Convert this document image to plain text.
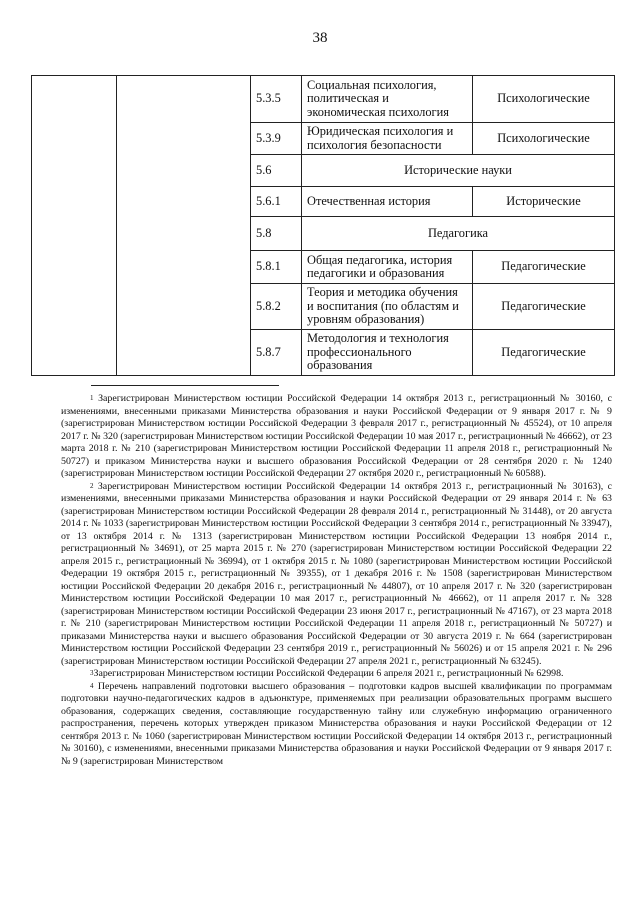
38
		5.3.5	Социальная психология, политическая и экономическая психология	Психологические
		5.3.9	Юридическая психология и психология безопасности	Психологические
		5.6	Исторические науки	
		5.6.1	Отечественная история	Исторические
		5.8	Педагогика	
		5.8.1	Общая педагогика, история педагогики и образования	Педагогические
		5.8.2	Теория и методика обучения и воспитания (по областям и уровням образования)	Педагогические
		5.8.7	Методология и технология профессионального образования	Педагогические

$^1$ Зарегистрирован Министерством юстиции Российской Федерации 14 октября 2013 г., регистрационный № 30160, с изменениями, внесенными приказами Министерства образования и науки Российской Федерации от 9 января 2017 г. № 9 (зарегистрирован Министерством юстиции Российской Федерации 3 февраля 2017 г., регистрационный № 45524), от 10 апреля 2017 г. № 320 (зарегистрирован Министерством юстиции Российской Федерации 10 мая 2017 г., регистрационный № 46662), от 23 марта 2018 г. № 210 (зарегистрирован Министерством юстиции Российской Федерации 11 апреля 2018 г., регистрационный № 50727) и приказом Министерства науки и высшего образования Российской Федерации от 28 сентября 2020 г. № 1240 (зарегистрирован Министерством юстиции Российской Федерации 27 октября 2020 г., регистрационный № 60588).

$^2$ Зарегистрирован Министерством юстиции Российской Федерации 14 октября 2013 г., регистрационный № 30163), с изменениями, внесенными приказами Министерства образования и науки Российской Федерации от 29 января 2014 г. № 63 (зарегистрирован Министерством юстиции Российской Федерации 28 февраля 2014 г., регистрационный № 31448), от 20 августа 2014 г. № 1033 (зарегистрирован Министерством юстиции Российской Федерации 3 сентября 2014 г., регистрационный № 33947), от 13 октября 2014 г. № 1313 (зарегистрирован Министерством юстиции Российской Федерации 13 ноября 2014 г., регистрационный № 34691), от 25 марта 2015 г. № 270 (зарегистрирован Министерством юстиции Российской Федерации 22 апреля 2015 г., регистрационный № 36994), от 1 октября 2015 г. № 1080 (зарегистрирован Министерством юстиции Российской Федерации 19 октября 2015 г., регистрационный № 39355), от 1 декабря 2016 г. № 1508 (зарегистрирован Министерством юстиции Российской Федерации 20 декабря 2016 г., регистрационный № 44807), от 10 апреля 2017 г. № 320 (зарегистрирован Министерством юстиции Российской Федерации 10 мая 2017 г., регистрационный № 46662), от 11 апреля 2017 г. № 328 (зарегистрирован Министерством юстиции Российской Федерации 23 июня 2017 г., регистрационный № 47167), от 23 марта 2018 г. № 210 (зарегистрирован Министерством юстиции Российской Федерации 11 апреля 2018 г., регистрационный № 50727) и приказами Министерства науки и высшего образования Российской Федерации от 30 августа 2019 г. № 664 (зарегистрирован Министерством юстиции Российской Федерации 23 сентября 2019 г., регистрационный № 56026) и от 15 апреля 2021 г. № 296 (зарегистрирован Министерством юстиции Российской Федерации 27 апреля 2021 г., регистрационный № 63245).

$^3$Зарегистрирован Министерством юстиции Российской Федерации 6 апреля 2021 г., регистрационный № 62998.

$^4$ Перечень направлений подготовки высшего образования – подготовки кадров высшей квалификации по программам подготовки научно-педагогических кадров в адъюнктуре, применяемых при реализации образовательных программ высшего образования, содержащих сведения, составляющие государственную тайну или служебную информацию ограниченного распространения, перечень которых утвержден приказом Министерства образования и науки Российской Федерации от 12 сентября 2013 г. № 1060 (зарегистрирован Министерством юстиции Российской Федерации 14 октября 2013 г., регистрационный № 30160), с изменениями, внесенными приказами Министерства образования и науки Российской Федерации от 9 января 2017 г. № 9 (зарегистрирован Министерством
